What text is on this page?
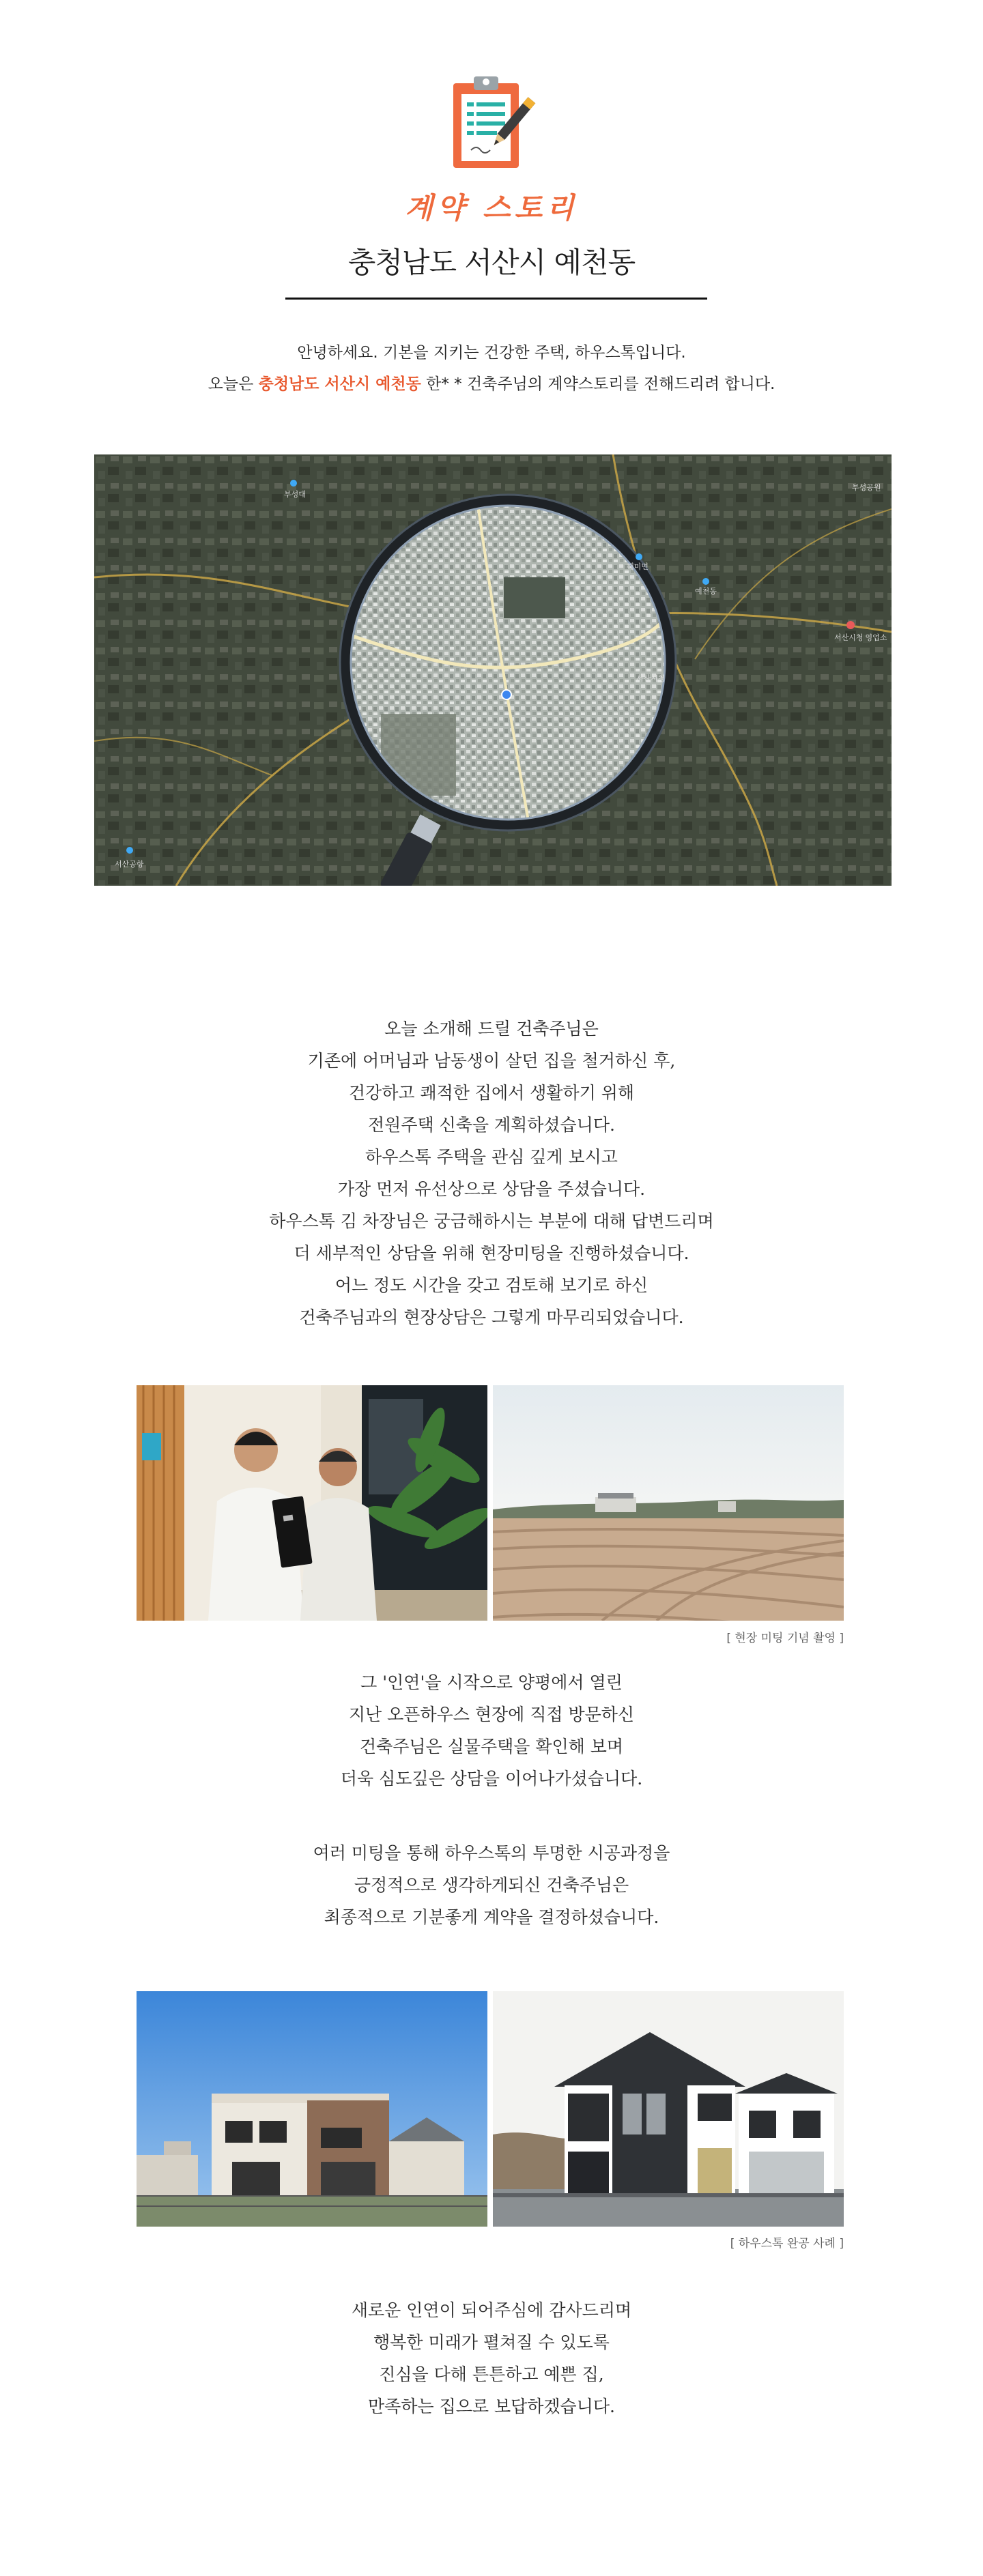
계약 스토리
충청남도 서산시 예천동
안녕하세요. 기본을 지키는 건강한 주택, 하우스톡입니다.
오늘은 충청남도 서산시 예천동 한* * 건축주님의 계약스토리를 전해드리려 합니다.
부성대
해미면
예천동
서산시청
서산시청 영업소
서산공항
부성공원

오늘 소개해 드릴 건축주님은

기존에 어머님과 남동생이 살던 집을 철거하신 후,

건강하고 쾌적한 집에서 생활하기 위해

전원주택 신축을 계획하셨습니다.

하우스톡 주택을 관심 깊게 보시고

가장 먼저 유선상으로 상담을 주셨습니다.

하우스톡 김 차장님은 궁금해하시는 부분에 대해 답변드리며

더 세부적인 상담을 위해 현장미팅을 진행하셨습니다.

어느 정도 시간을 갖고 검토해 보기로 하신

건축주님과의 현장상담은 그렇게 마무리되었습니다.

[ 현장 미팅 기념 촬영 ]

그 '인연'을 시작으로 양평에서 열린

지난 오픈하우스 현장에 직접 방문하신

건축주님은 실물주택을 확인해 보며

더욱 심도깊은 상담을 이어나가셨습니다.

여러 미팅을 통해 하우스톡의 투명한 시공과정을

긍정적으로 생각하게되신 건축주님은

최종적으로 기분좋게 계약을 결정하셨습니다.

[ 하우스톡 완공 사례 ]

새로운 인연이 되어주심에 감사드리며

행복한 미래가 펼쳐질 수 있도록

진심을 다해 튼튼하고 예쁜 집,

만족하는 집으로 보답하겠습니다.
